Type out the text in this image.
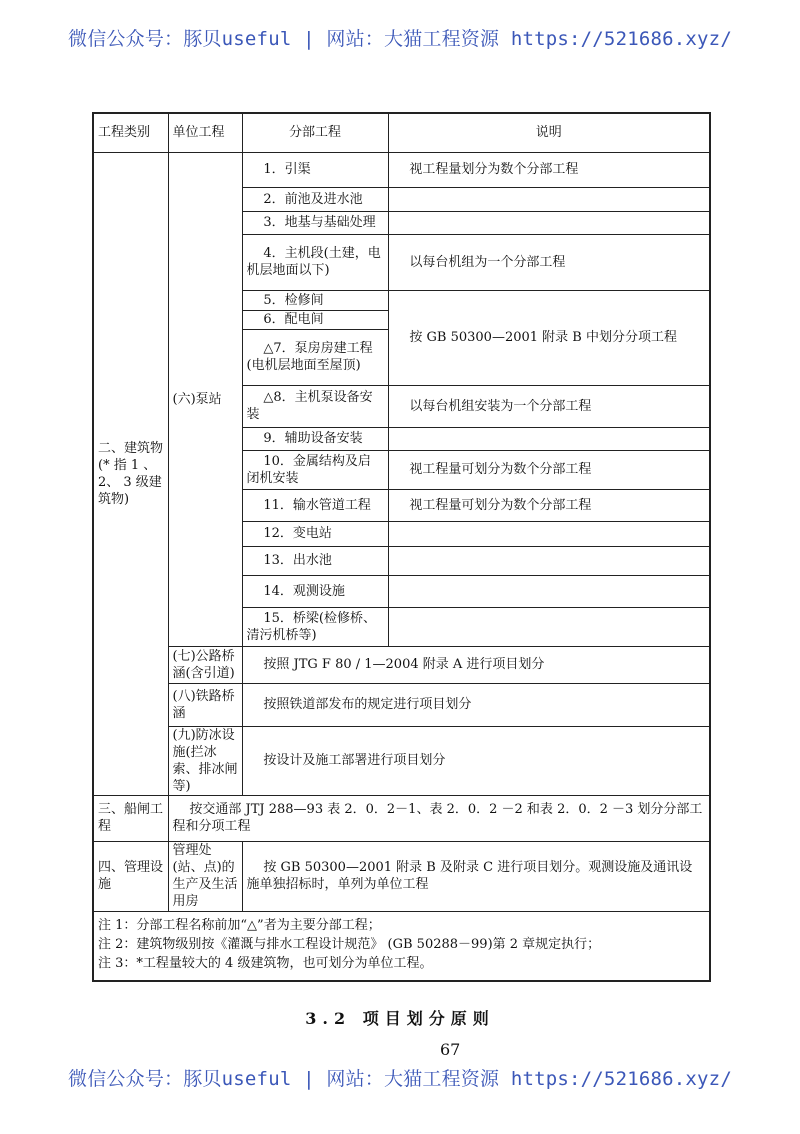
微信公众号：豚贝useful | 网站：大猫工程资源 https://521686.xyz/
工程类别	单位工程	分部工程	说明
二、建筑物(* 指 1 、2、 3 级建筑物)	(六)泵站	1．引渠	视工程量划分为数个分部工程
		2．前池及进水池	
		3．地基与基础处理	
		4．主机段(土建，电机层地面以下)	以每台机组为一个分部工程
		5．检修间	按 GB 50300—2001 附录 B 中划分分项工程
		6．配电间	
		△7．泵房房建工程(电机层地面至屋顶)	
		△8．主机泵设备安装	以每台机组安装为一个分部工程
		9．辅助设备安装	
		10．金属结构及启闭机安装	视工程量可划分为数个分部工程
		11．输水管道工程	视工程量可划分为数个分部工程
		12．变电站	
		13．出水池	
		14．观测设施	
		15．桥梁(检修桥、清污机桥等)	
	(七)公路桥涵(含引道)	按照 JTG F 80 / 1—2004 附录 A 进行项目划分	
	(八)铁路桥涵	按照铁道部发布的规定进行项目划分	
	(九)防冰设施(拦冰索、排冰闸等)	按设计及施工部署进行项目划分	
三、船闸工程	按交通部 JTJ 288—93 表 2．0．2－1、表 2．0．2 －2 和表 2．0．2 －3 划分分部工程和分项工程		
四、管理设施	管理处(站、点)的生产及生活用房	按 GB 50300—2001 附录 B 及附录 C 进行项目划分。观测设施及通讯设施单独招标时，单列为单位工程	

注 1：分部工程名称前加“△”者为主要分部工程；
注 2：建筑物级别按《灌溉与排水工程设计规范》 (GB 50288－99)第 2 章规定执行；
注 3：*工程量较大的 4 级建筑物，也可划分为单位工程。			
3.2 项目划分原则
67
微信公众号：豚贝useful | 网站：大猫工程资源 https://521686.xyz/
